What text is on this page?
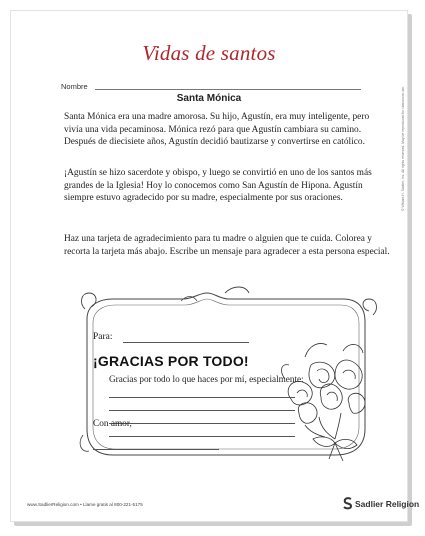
Vidas de santos
Nombre
Santa Mónica
Santa Mónica era una madre amorosa. Su hijo, Agustín, era muy inteligente, pero vivía una vida pecaminosa. Mónica rezó para que Agustín cambiara su camino. Después de diecisiete años, Agustín decidió bautizarse y convertirse en católico.
¡Agustín se hizo sacerdote y obispo, y luego se convirtió en uno de los santos más grandes de la Iglesia! Hoy lo conocemos como San Agustín de Hipona. Agustín siempre estuvo agradecido por su madre, especialmente por sus oraciones.
Haz una tarjeta de agradecimiento para tu madre o alguien que te cuida. Colorea y recorta la tarjeta más abajo. Escribe un mensaje para agradecer a esta persona especial.
Para:
¡GRACIAS POR TODO!
Gracias por todo lo que haces por mí, especialmente:
Con amor,
www.SadlierReligion.com • Llame gratis al 800-221-5175	Sadlier Religion
© William H. Sadlier, Inc. All rights reserved. May be reproduced for classroom use.
